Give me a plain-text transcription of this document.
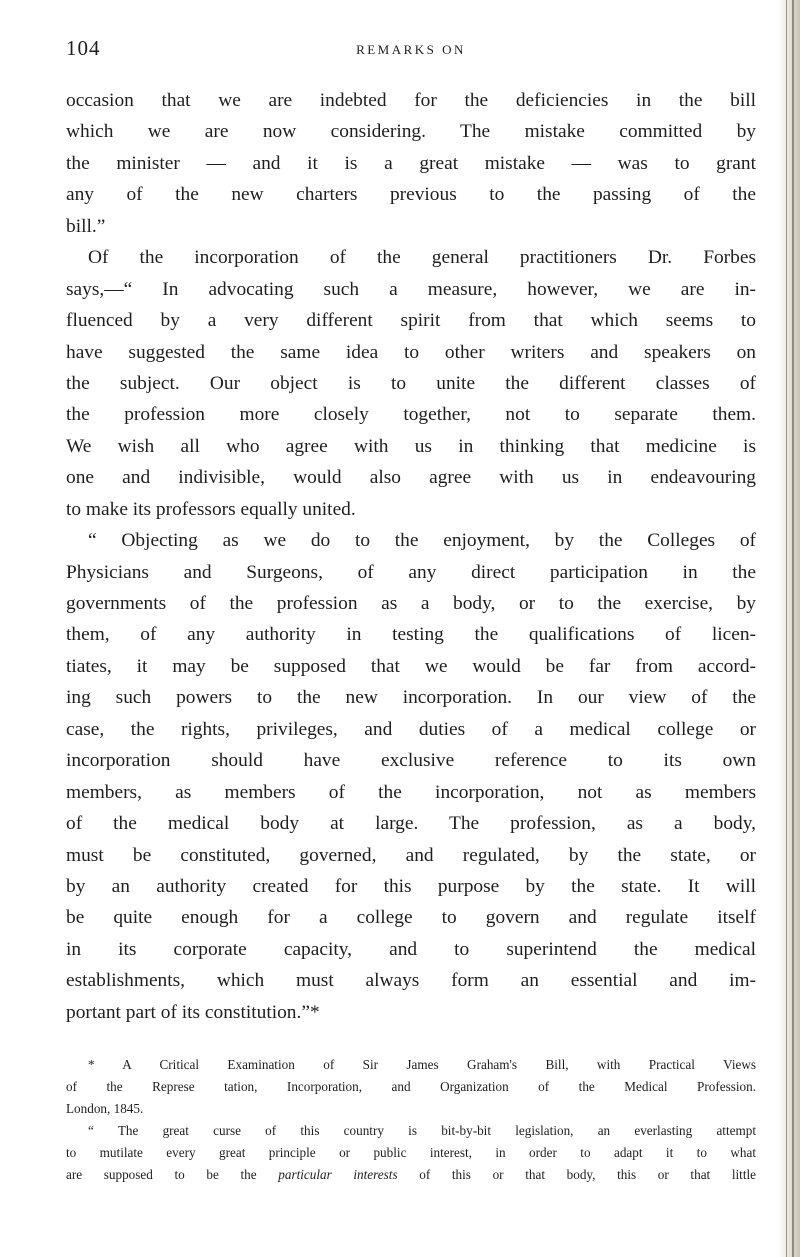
104	REMARKS ON
occasion that we are indebted for the deficiencies in the bill
which we are now considering. The mistake committed by
the minister — and it is a great mistake — was to grant
any of the new charters previous to the passing of the
bill.”
Of the incorporation of the general practitioners Dr. Forbes
says,—“ In advocating such a measure, however, we are in-
fluenced by a very different spirit from that which seems to
have suggested the same idea to other writers and speakers on
the subject. Our object is to unite the different classes of
the profession more closely together, not to separate them.
We wish all who agree with us in thinking that medicine is
one and indivisible, would also agree with us in endeavouring
to make its professors equally united.
“ Objecting as we do to the enjoyment, by the Colleges of
Physicians and Surgeons, of any direct participation in the
governments of the profession as a body, or to the exercise, by
them, of any authority in testing the qualifications of licen-
tiates, it may be supposed that we would be far from accord-
ing such powers to the new incorporation. In our view of the
case, the rights, privileges, and duties of a medical college or
incorporation should have exclusive reference to its own
members, as members of the incorporation, not as members
of the medical body at large. The profession, as a body,
must be constituted, governed, and regulated, by the state, or
by an authority created for this purpose by the state. It will
be quite enough for a college to govern and regulate itself
in its corporate capacity, and to superintend the medical
establishments, which must always form an essential and im-
portant part of its constitution.”*
* A Critical Examination of Sir James Graham's Bill, with Practical Views
of the Represe tation, Incorporation, and Organization of the Medical Profession.
London, 1845.
“ The great curse of this country is bit-by-bit legislation, an everlasting attempt
to mutilate every great principle or public interest, in order to adapt it to what
are supposed to be the particular interests of this or that body, this or that little
